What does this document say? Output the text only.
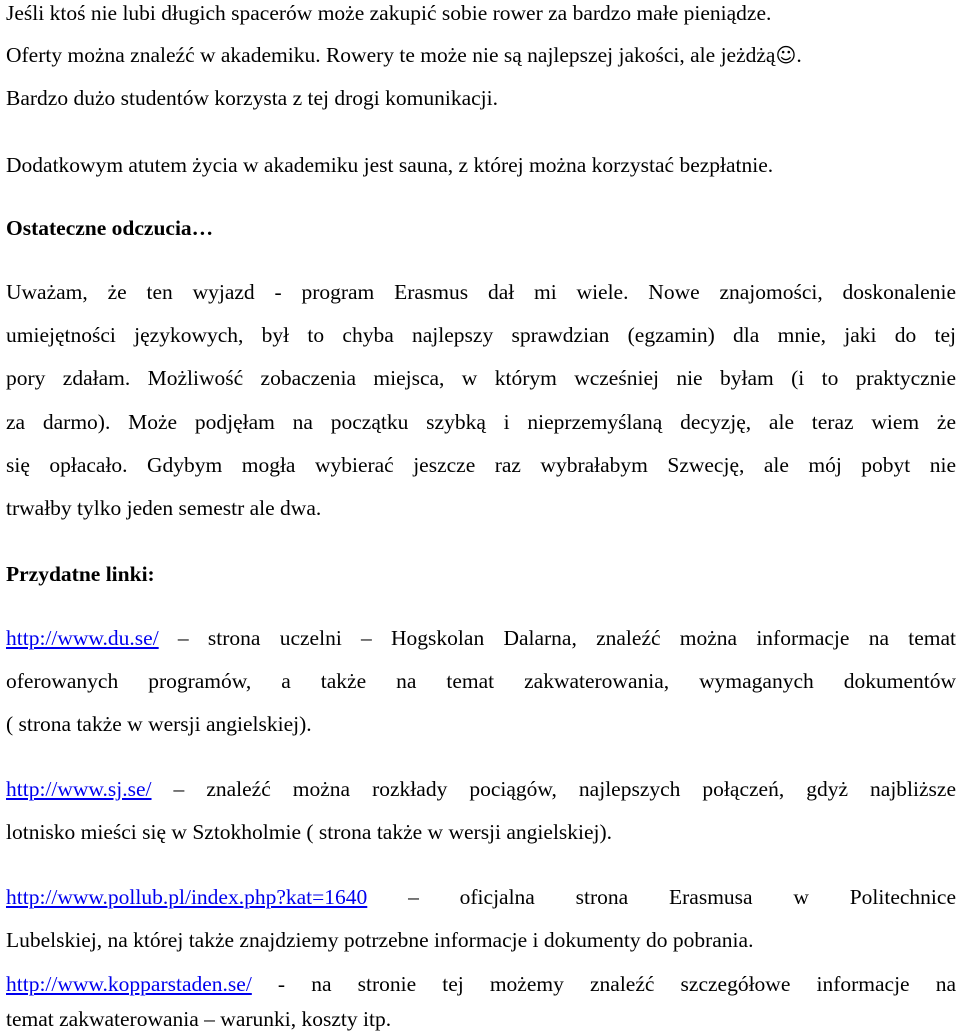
Jeśli ktoś nie lubi długich spacerów może zakupić sobie rower za bardzo małe pieniądze.
Oferty można znaleźć w akademiku. Rowery te może nie są najlepszej jakości, ale jeżdżą☺.
Bardzo dużo studentów korzysta z tej drogi komunikacji.
Dodatkowym atutem życia w akademiku jest sauna, z której można korzystać bezpłatnie.
Ostateczne odczucia…
Uważam, że ten wyjazd - program Erasmus dał mi wiele. Nowe znajomości, doskonalenie
umiejętności językowych, był to chyba najlepszy sprawdzian (egzamin) dla mnie, jaki do tej
pory zdałam. Możliwość zobaczenia miejsca, w którym wcześniej nie byłam (i to praktycznie
za darmo). Może podjęłam na początku szybką i nieprzemyślaną decyzję, ale teraz wiem że
się opłacało. Gdybym mogła wybierać jeszcze raz wybrałabym Szwecję, ale mój pobyt nie
trwałby tylko jeden semestr ale dwa.
Przydatne linki:
http://www.du.se/ – strona uczelni – Hogskolan Dalarna, znaleźć można informacje na temat
oferowanych programów, a także na temat zakwaterowania, wymaganych dokumentów
( strona także w wersji angielskiej).
http://www.sj.se/ – znaleźć można rozkłady pociągów, najlepszych połączeń, gdyż najbliższe
lotnisko mieści się w Sztokholmie ( strona także w wersji angielskiej).
http://www.pollub.pl/index.php?kat=1640 – oficjalna strona Erasmusa w Politechnice
Lubelskiej, na której także znajdziemy potrzebne informacje i dokumenty do pobrania.
http://www.kopparstaden.se/ - na stronie tej możemy znaleźć szczegółowe informacje na
temat zakwaterowania – warunki, koszty itp.
